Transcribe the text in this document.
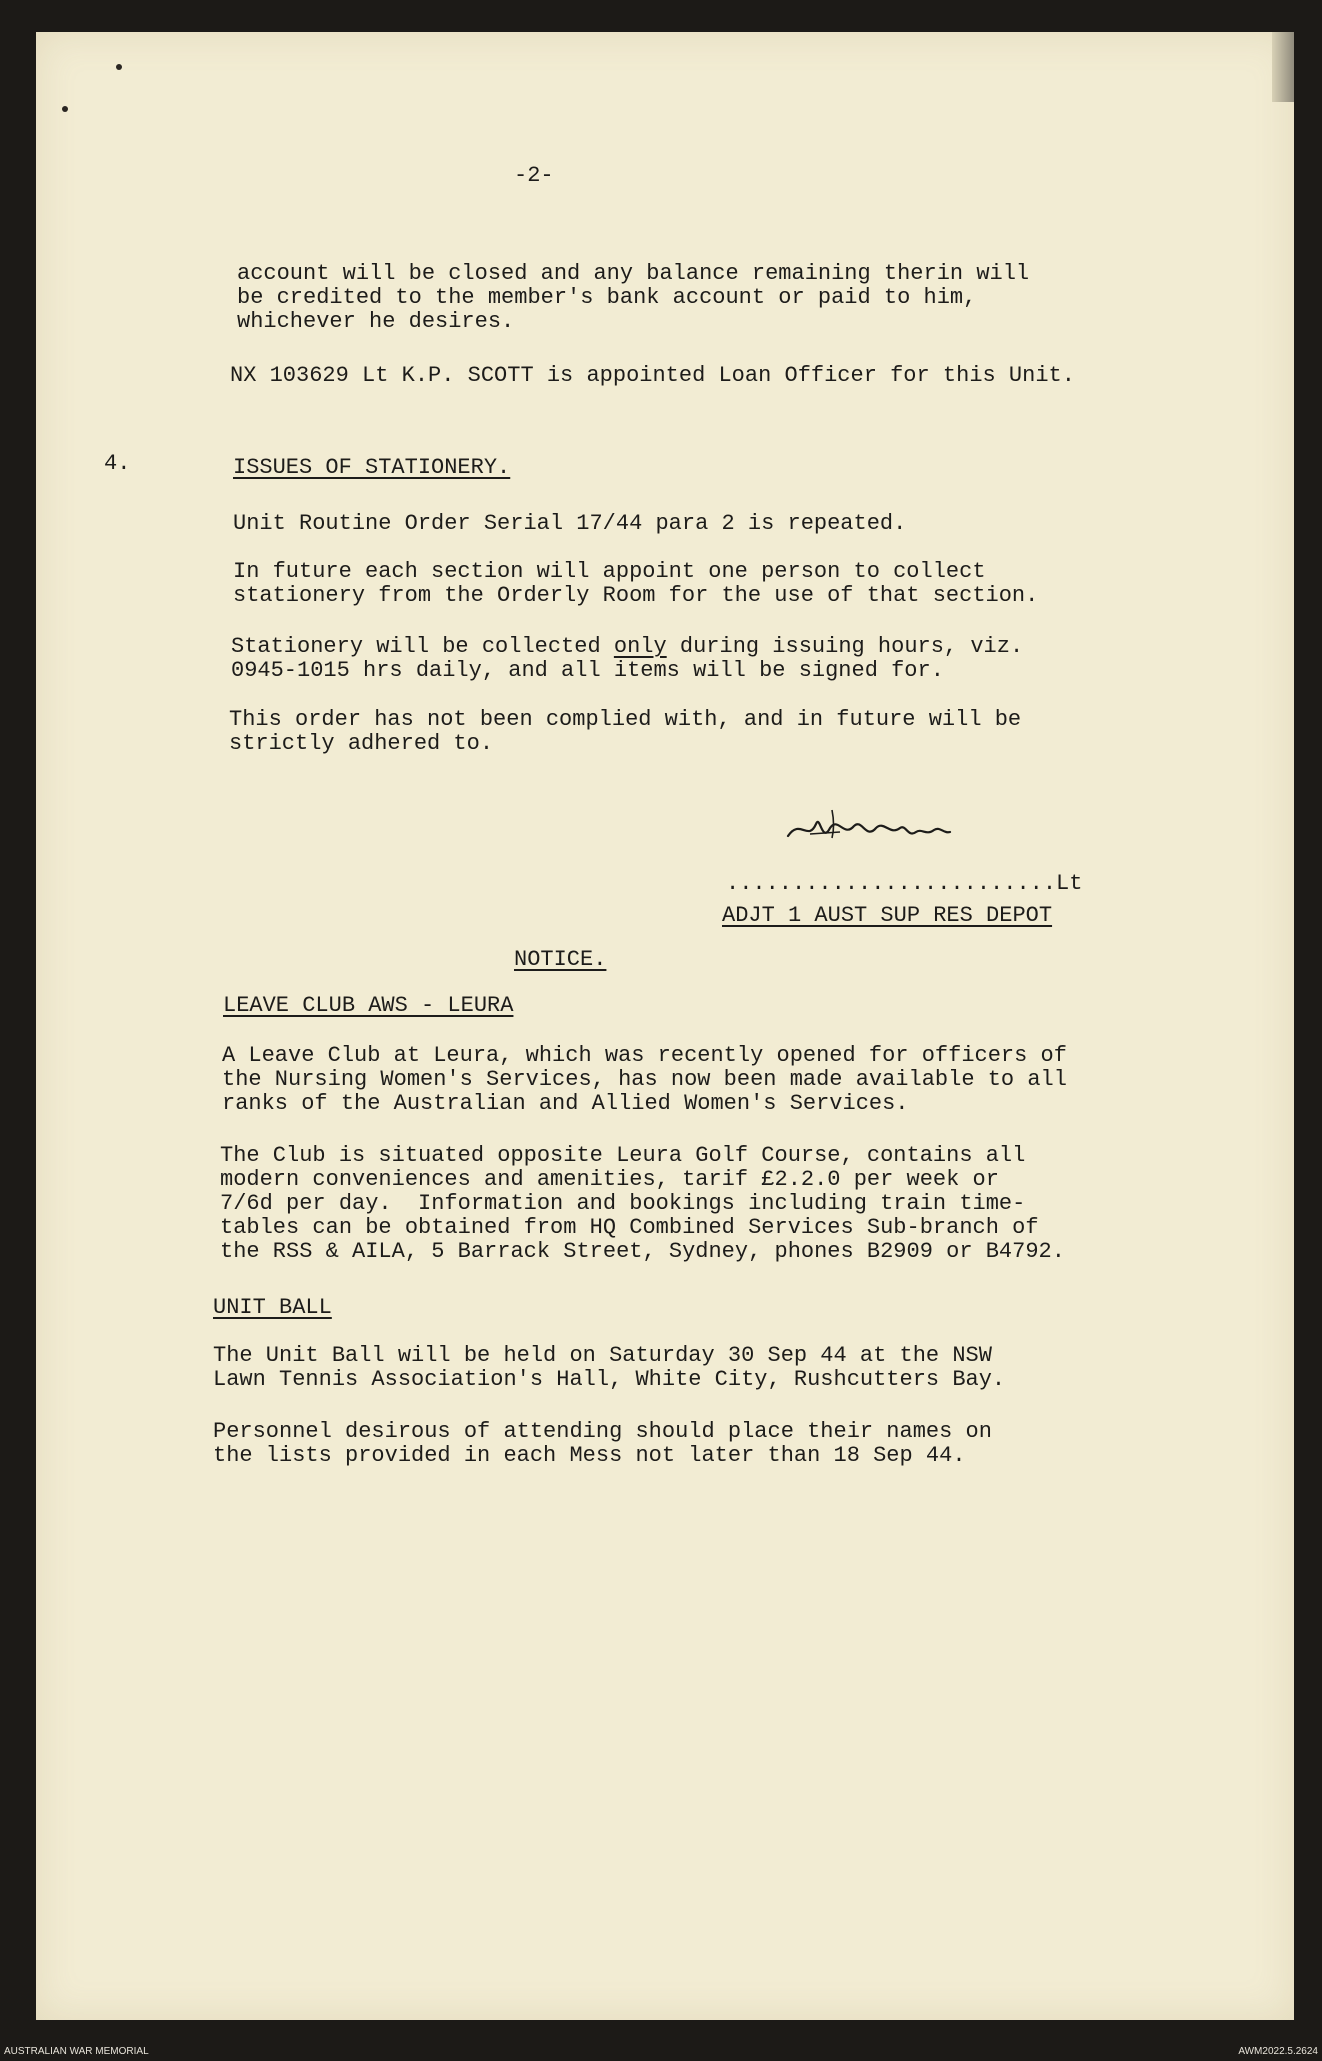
-2-

account will be closed and any balance remaining therin will

be credited to the member's bank account or paid to him,

whichever he desires.

NX 103629 Lt K.P. SCOTT is appointed Loan Officer for this Unit.

4.	ISSUES OF STATIONERY.

Unit Routine Order Serial 17/44 para 2 is repeated.

In future each section will appoint one person to collect

stationery from the Orderly Room for the use of that section.

Stationery will be collected only during issuing hours, viz.

0945-1015 hrs daily, and all items will be signed for.

This order has not been complied with, and in future will be

strictly adhered to.

.........................Lt

ADJT 1 AUST SUP RES DEPOT

NOTICE.

LEAVE CLUB AWS - LEURA

A Leave Club at Leura, which was recently opened for officers of

the Nursing Women's Services, has now been made available to all

ranks of the Australian and Allied Women's Services.

The Club is situated opposite Leura Golf Course, contains all

modern conveniences and amenities, tarif £2.2.0 per week or

7/6d per day.  Information and bookings including train time-

tables can be obtained from HQ Combined Services Sub-branch of

the RSS & AILA, 5 Barrack Street, Sydney, phones B2909 or B4792.

UNIT BALL

The Unit Ball will be held on Saturday 30 Sep 44 at the NSW

Lawn Tennis Association's Hall, White City, Rushcutters Bay.

Personnel desirous of attending should place their names on

the lists provided in each Mess not later than 18 Sep 44.

AUSTRALIAN WAR MEMORIAL	AWM2022.5.2624
